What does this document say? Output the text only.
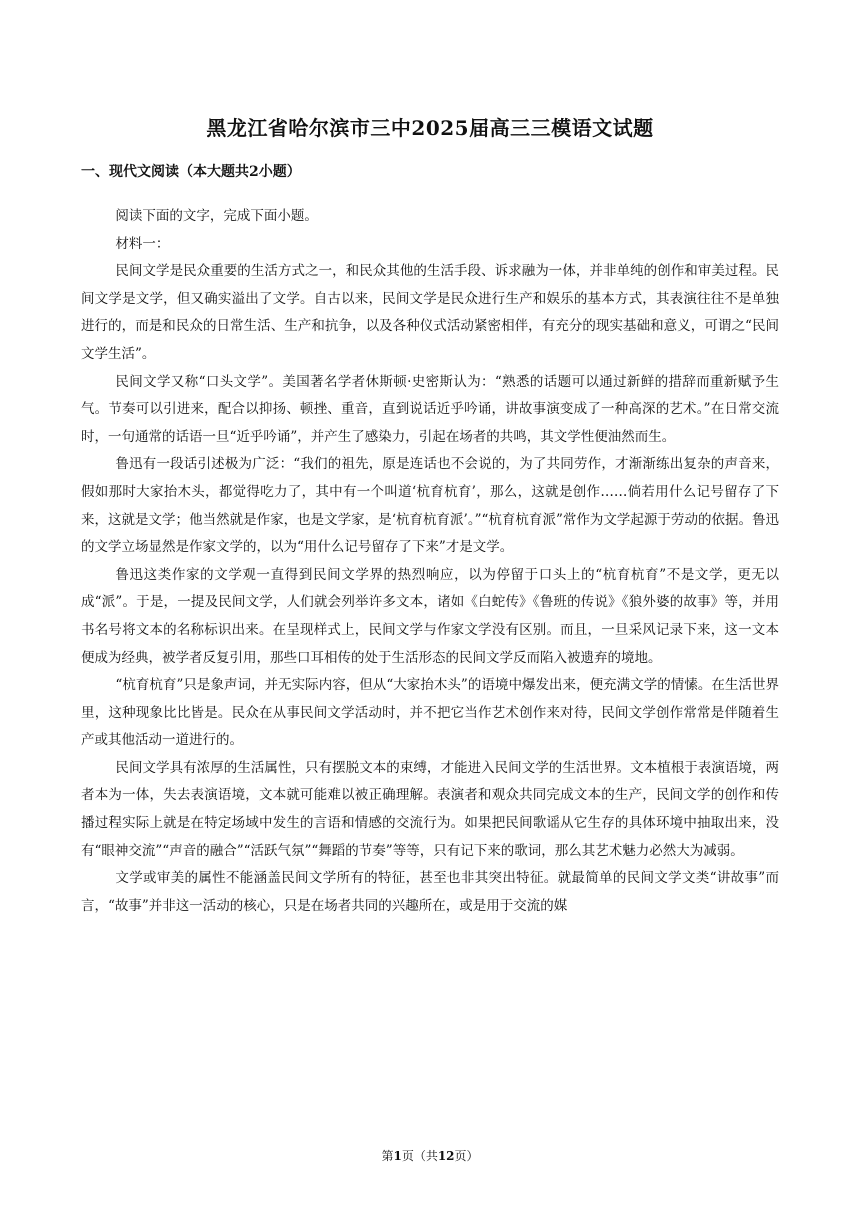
黑龙江省哈尔滨市三中2025届高三三模语文试题
一、现代文阅读（本大题共2小题）

阅读下面的文字，完成下面小题。

材料一：

民间文学是民众重要的生活方式之一，和民众其他的生活手段、诉求融为一体，并非单纯的创作和审美过程。民间文学是文学，但又确实溢出了文学。自古以来，民间文学是民众进行生产和娱乐的基本方式，其表演往往不是单独进行的，而是和民众的日常生活、生产和抗争，以及各种仪式活动紧密相伴，有充分的现实基础和意义，可谓之“民间文学生活”。

民间文学又称“口头文学”。美国著名学者休斯顿·史密斯认为：“熟悉的话题可以通过新鲜的措辞而重新赋予生气。节奏可以引进来，配合以抑扬、顿挫、重音，直到说话近乎吟诵，讲故事演变成了一种高深的艺术。”在日常交流时，一句通常的话语一旦“近乎吟诵”，并产生了感染力，引起在场者的共鸣，其文学性便油然而生。

鲁迅有一段话引述极为广泛：“我们的祖先，原是连话也不会说的，为了共同劳作，才渐渐练出复杂的声音来，假如那时大家抬木头，都觉得吃力了，其中有一个叫道‘杭育杭育’，那么，这就是创作……倘若用什么记号留存了下来，这就是文学；他当然就是作家，也是文学家，是‘杭育杭育派’。”“杭育杭育派”常作为文学起源于劳动的依据。鲁迅的文学立场显然是作家文学的，以为“用什么记号留存了下来”才是文学。

鲁迅这类作家的文学观一直得到民间文学界的热烈响应，以为停留于口头上的“杭育杭育”不是文学，更无以成“派”。于是，一提及民间文学，人们就会列举许多文本，诸如《白蛇传》《鲁班的传说》《狼外婆的故事》等，并用书名号将文本的名称标识出来。在呈现样式上，民间文学与作家文学没有区别。而且，一旦采风记录下来，这一文本便成为经典，被学者反复引用，那些口耳相传的处于生活形态的民间文学反而陷入被遗弃的境地。

“杭育杭育”只是象声词，并无实际内容，但从“大家抬木头”的语境中爆发出来，便充满文学的情愫。在生活世界里，这种现象比比皆是。民众在从事民间文学活动时，并不把它当作艺术创作来对待，民间文学创作常常是伴随着生产或其他活动一道进行的。

民间文学具有浓厚的生活属性，只有摆脱文本的束缚，才能进入民间文学的生活世界。文本植根于表演语境，两者本为一体，失去表演语境，文本就可能难以被正确理解。表演者和观众共同完成文本的生产，民间文学的创作和传播过程实际上就是在特定场域中发生的言语和情感的交流行为。如果把民间歌谣从它生存的具体环境中抽取出来，没有“眼神交流”“声音的融合”“活跃气氛”“舞蹈的节奏”等等，只有记下来的歌词，那么其艺术魅力必然大为减弱。

文学或审美的属性不能涵盖民间文学所有的特征，甚至也非其突出特征。就最简单的民间文学文类“讲故事”而言，“故事”并非这一活动的核心，只是在场者共同的兴趣所在，或是用于交流的媒

第1页（共12页）
